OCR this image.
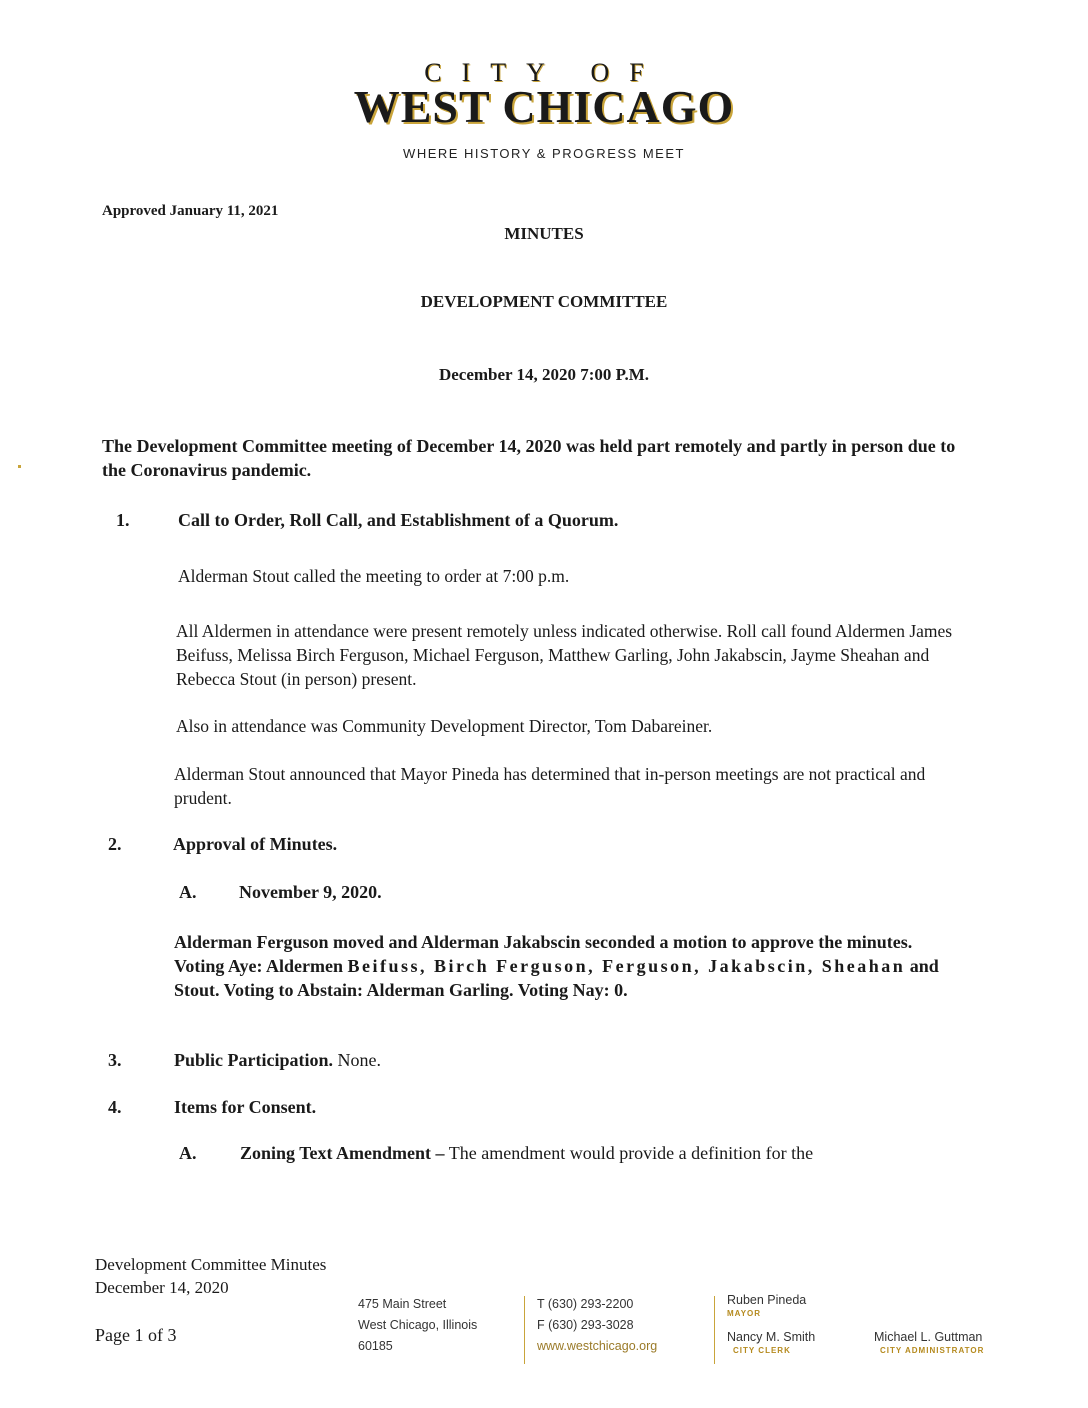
CITY OF
WEST CHICAGO
WHERE HISTORY & PROGRESS MEET
Approved January 11, 2021
MINUTES
DEVELOPMENT COMMITTEE
December 14, 2020 7:00 P.M.
The Development Committee meeting of December 14, 2020 was held part remotely and partly in person due to the Coronavirus pandemic.
1.	Call to Order, Roll Call, and Establishment of a Quorum.
Alderman Stout called the meeting to order at 7:00 p.m.
All Aldermen in attendance were present remotely unless indicated otherwise. Roll call found Aldermen James Beifuss, Melissa Birch Ferguson, Michael Ferguson, Matthew Garling, John Jakabscin, Jayme Sheahan and Rebecca Stout (in person) present.
Also in attendance was Community Development Director, Tom Dabareiner.
Alderman Stout announced that Mayor Pineda has determined that in-person meetings are not practical and prudent.
2.	Approval of Minutes.
A. November 9, 2020.
Alderman Ferguson moved and Alderman Jakabscin seconded a motion to approve the minutes. Voting Aye: Aldermen Beifuss, Birch Ferguson, Ferguson, Jakabscin, Sheahan and Stout. Voting to Abstain: Alderman Garling. Voting Nay: 0.
3.	Public Participation. None.
4.	Items for Consent.
A. Zoning Text Amendment – The amendment would provide a definition for the
Development Committee Minutes
December 14, 2020
Page 1 of 3
475 Main Street
West Chicago, Illinois
60185
T (630) 293-2200
F (630) 293-3028
www.westchicago.org
Ruben Pineda
MAYOR
Nancy M. Smith
CITY CLERK
Michael L. Guttman
CITY ADMINISTRATOR
